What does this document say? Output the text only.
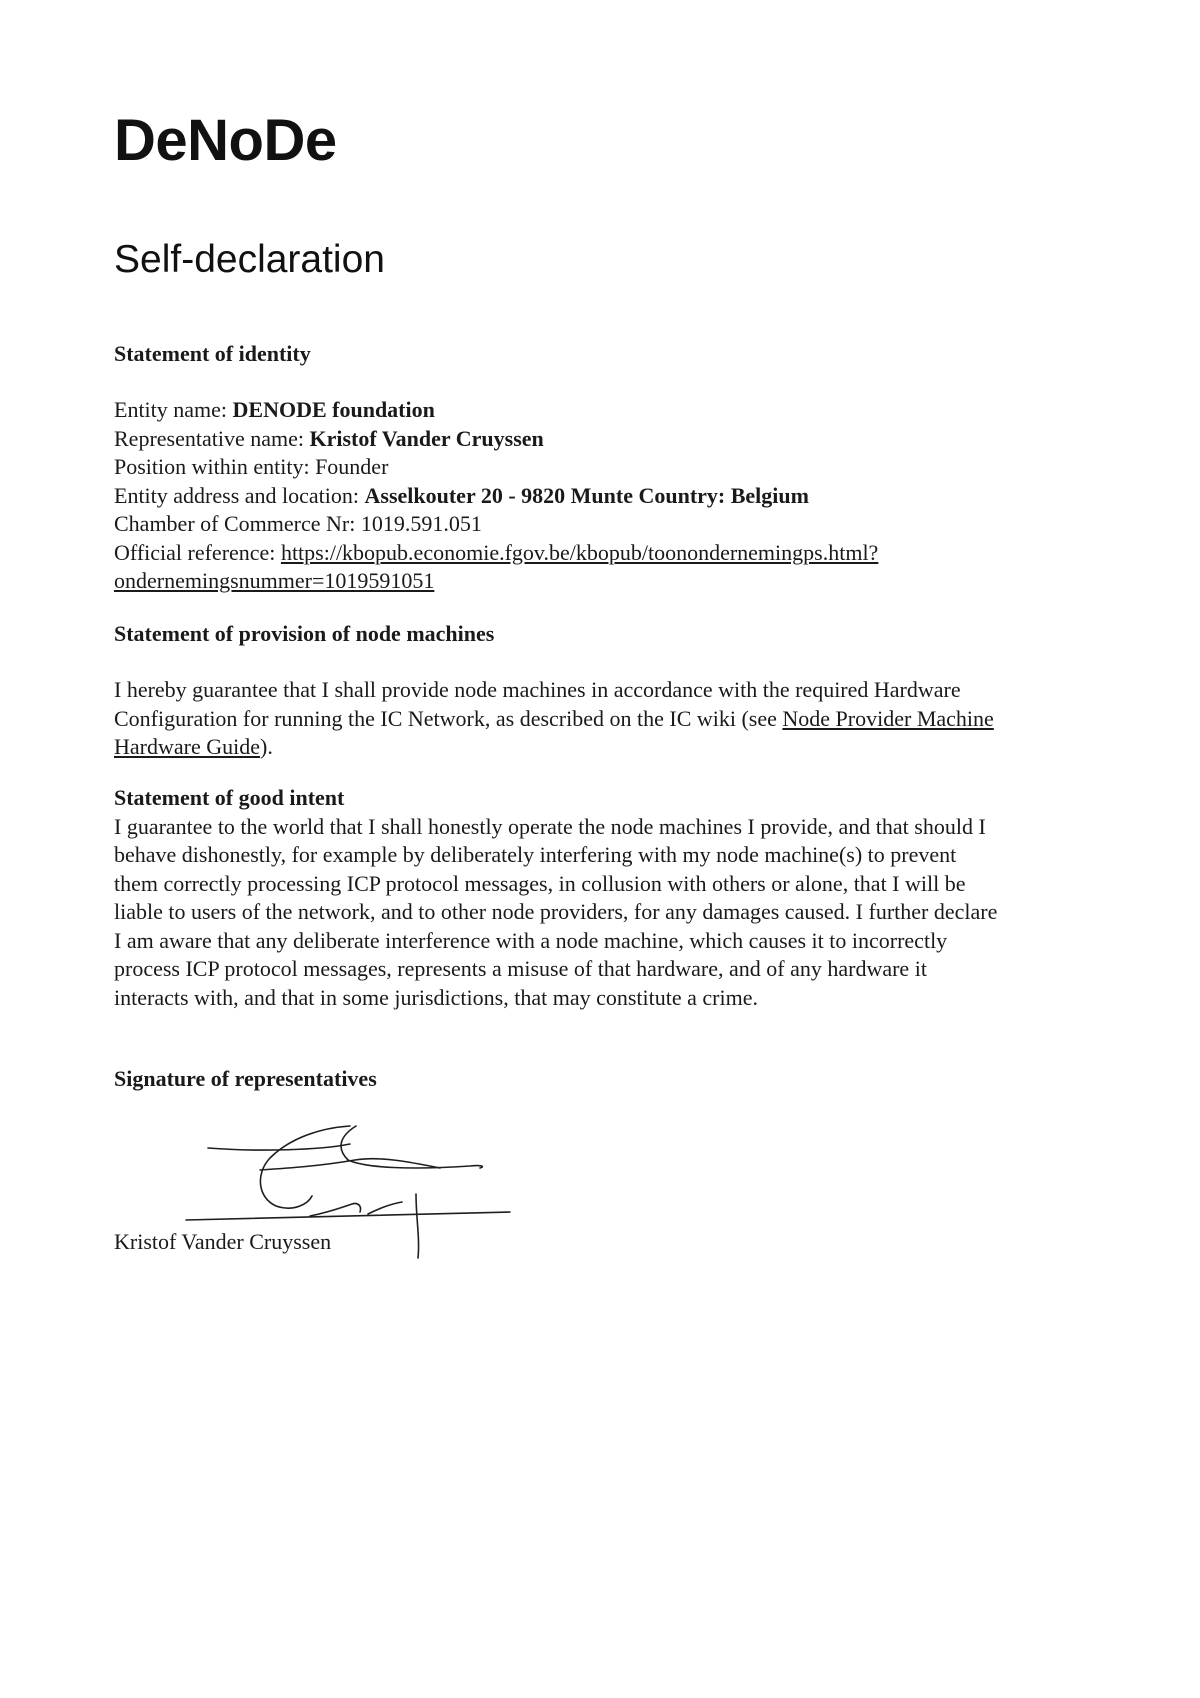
DeNoDe
Self-declaration

Statement of identity

Entity name: DENODE foundation
Representative name: Kristof Vander Cruyssen
Position within entity: Founder
Entity address and location: Asselkouter 20 - 9820 Munte Country: Belgium
Chamber of Commerce Nr: 1019.591.051
Official reference: https://kbopub.economie.fgov.be/kbopub/toonondernemingps.html?
ondernemingsnummer=1019591051

Statement of provision of node machines

I hereby guarantee that I shall provide node machines in accordance with the required Hardware
Configuration for running the IC Network, as described on the IC wiki (see Node Provider Machine
Hardware Guide).

Statement of good intent

I guarantee to the world that I shall honestly operate the node machines I provide, and that should I
behave dishonestly, for example by deliberately interfering with my node machine(s) to prevent
them correctly processing ICP protocol messages, in collusion with others or alone, that I will be
liable to users of the network, and to other node providers, for any damages caused. I further declare
I am aware that any deliberate interference with a node machine, which causes it to incorrectly
process ICP protocol messages, represents a misuse of that hardware, and of any hardware it
interacts with, and that in some jurisdictions, that may constitute a crime.

Signature of representatives

Kristof Vander Cruyssen
